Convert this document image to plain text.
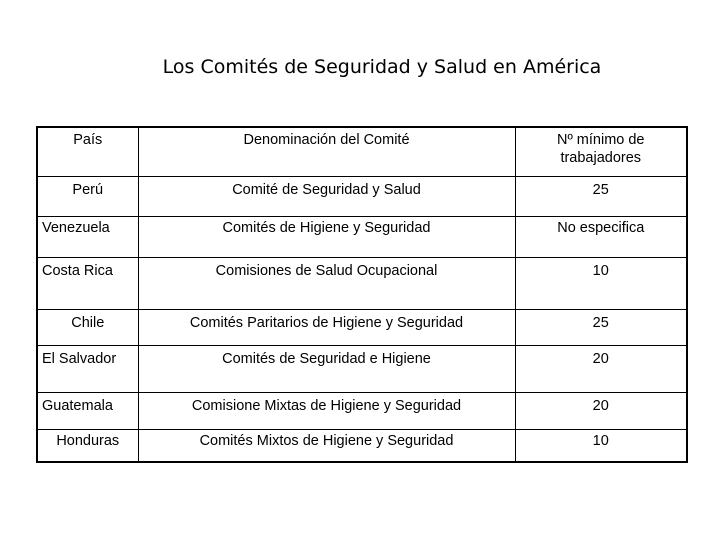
Los Comités de Seguridad y Salud en América
País	Denominación del Comité	Nº mínimo de trabajadores
Perú	Comité de Seguridad y Salud	25
Venezuela	Comités de Higiene y Seguridad	No especifica
Costa Rica	Comisiones de Salud Ocupacional	10
Chile	Comités Paritarios de Higiene y Seguridad	25
El Salvador	Comités de Seguridad e Higiene	20
Guatemala	Comisione Mixtas de Higiene y Seguridad	20
Honduras	Comités Mixtos de Higiene y Seguridad	10
